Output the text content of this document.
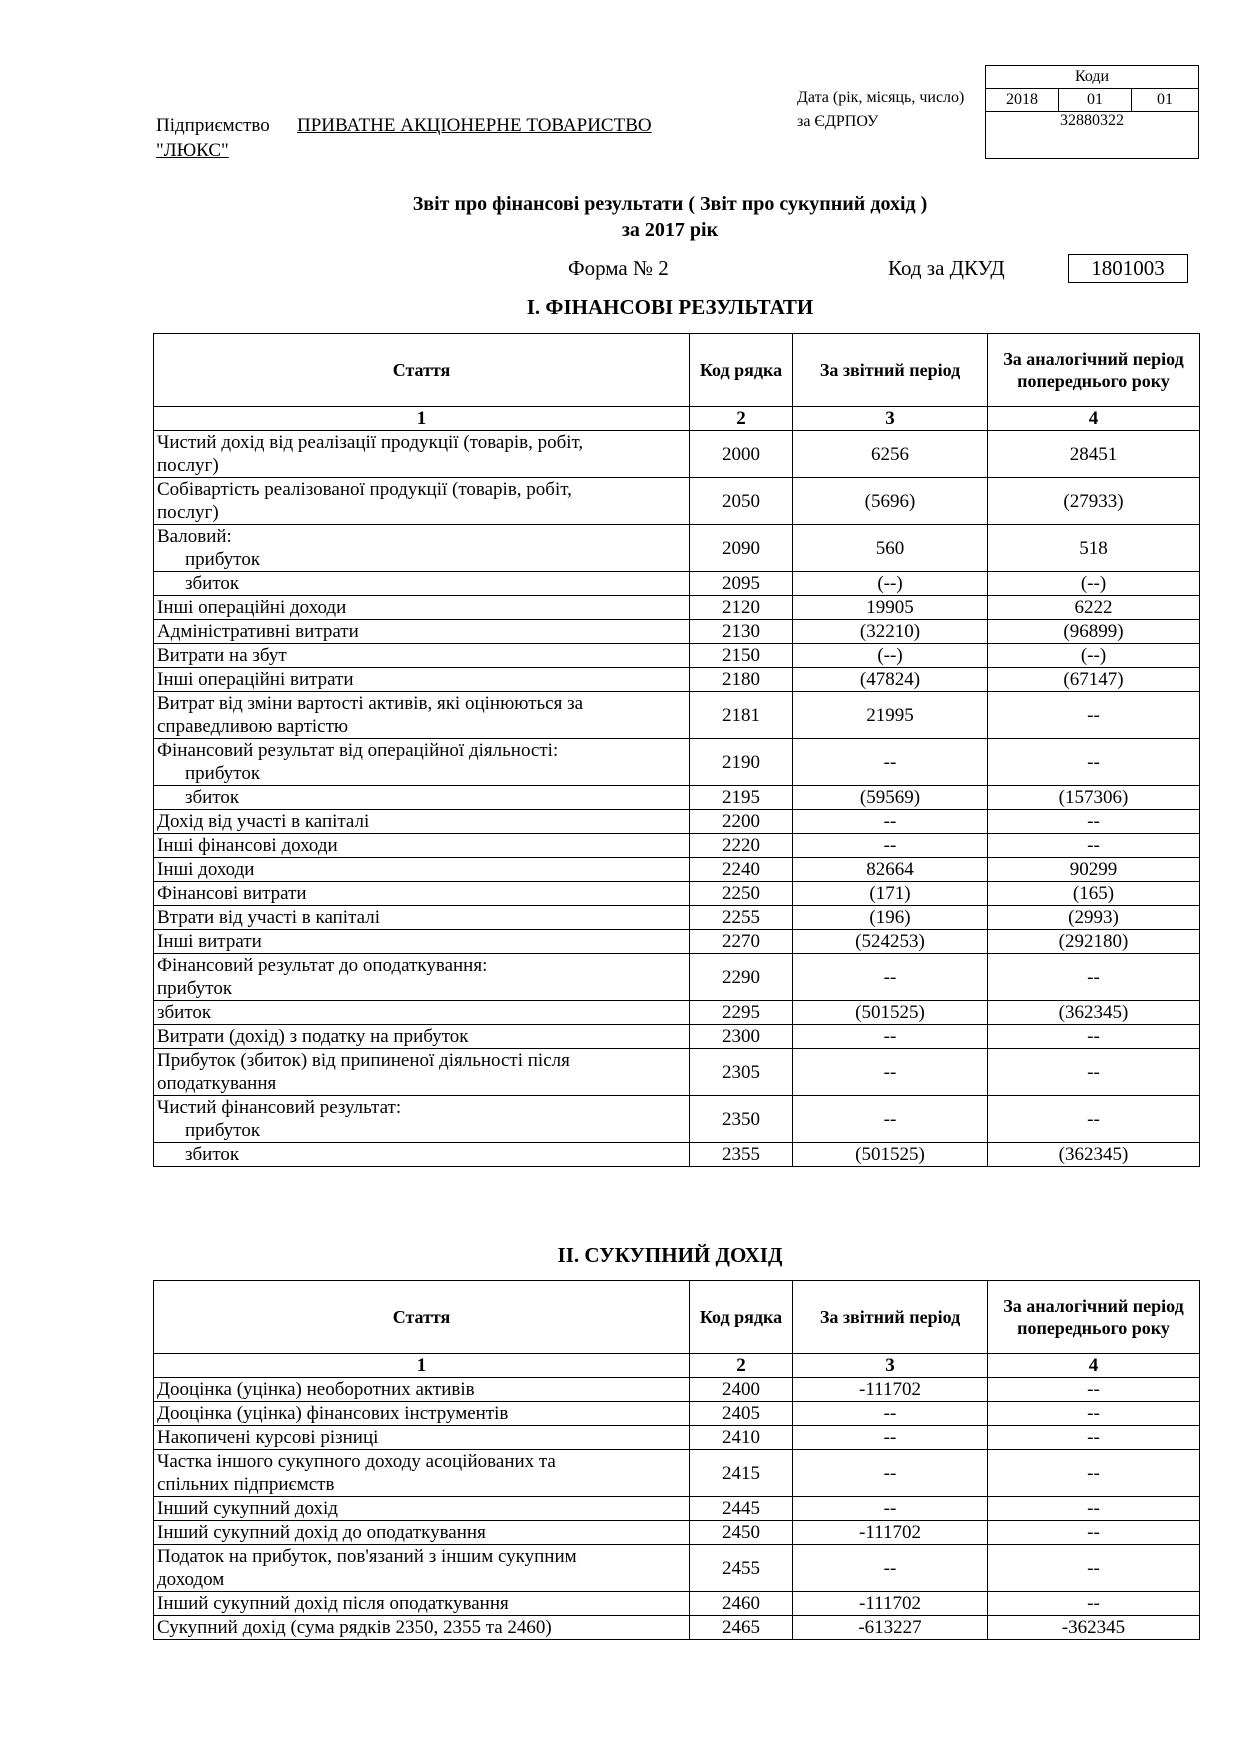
Дата (рік, місяць, число)
за ЄДРПОУ
Коди
2018	01	01
32880322
Підприємство ПРИВАТНЕ АКЦІОНЕРНЕ ТОВАРИСТВО
"ЛЮКС"
Звіт про фінансові результати ( Звіт про сукупний дохід )
за 2017 рік
Форма № 2	Код за ДКУД	1801003
I. ФІНАНСОВІ РЕЗУЛЬТАТИ
Стаття	Код рядка	За звітний період	За аналогічний період попереднього року
1	2	3	4

Чистий дохід від реалізації продукції (товарів, робіт,
послуг)	2000	6256	28451

Собівартість реалізованої продукції (товарів, робіт,
послуг)	2050	(5696)	(27933)

Валовий:
прибуток	2090	560	518
збиток	2095	(--)	(--)
Інші операційні доходи	2120	19905	6222
Адміністративні витрати	2130	(32210)	(96899)
Витрати на збут	2150	(--)	(--)
Інші операційні витрати	2180	(47824)	(67147)

Витрат від зміни вартості активів, які оцінюються за
справедливою вартістю	2181	21995	--

Фінансовий результат від операційної діяльності:
прибуток	2190	--	--
збиток	2195	(59569)	(157306)
Дохід від участі в капіталі	2200	--	--
Інші фінансові доходи	2220	--	--
Інші доходи	2240	82664	90299
Фінансові витрати	2250	(171)	(165)
Втрати від участі в капіталі	2255	(196)	(2993)
Інші витрати	2270	(524253)	(292180)

Фінансовий результат до оподаткування:
прибуток	2290	--	--
збиток	2295	(501525)	(362345)
Витрати (дохід) з податку на прибуток	2300	--	--

Прибуток (збиток) від припиненої діяльності після
оподаткування	2305	--	--

Чистий фінансовий результат:
прибуток	2350	--	--
збиток	2355	(501525)	(362345)
II. СУКУПНИЙ ДОХІД
Стаття	Код рядка	За звітний період	За аналогічний період попереднього року
1	2	3	4
Дооцінка (уцінка) необоротних активів	2400	-111702	--
Дооцінка (уцінка) фінансових інструментів	2405	--	--
Накопичені курсові різниці	2410	--	--

Частка іншого сукупного доходу асоційованих та
спільних підприємств	2415	--	--
Інший сукупний дохід	2445	--	--
Інший сукупний дохід до оподаткування	2450	-111702	--

Податок на прибуток, пов'язаний з іншим сукупним
доходом	2455	--	--
Інший сукупний дохід після оподаткування	2460	-111702	--
Сукупний дохід (сума рядків 2350, 2355 та 2460)	2465	-613227	-362345
